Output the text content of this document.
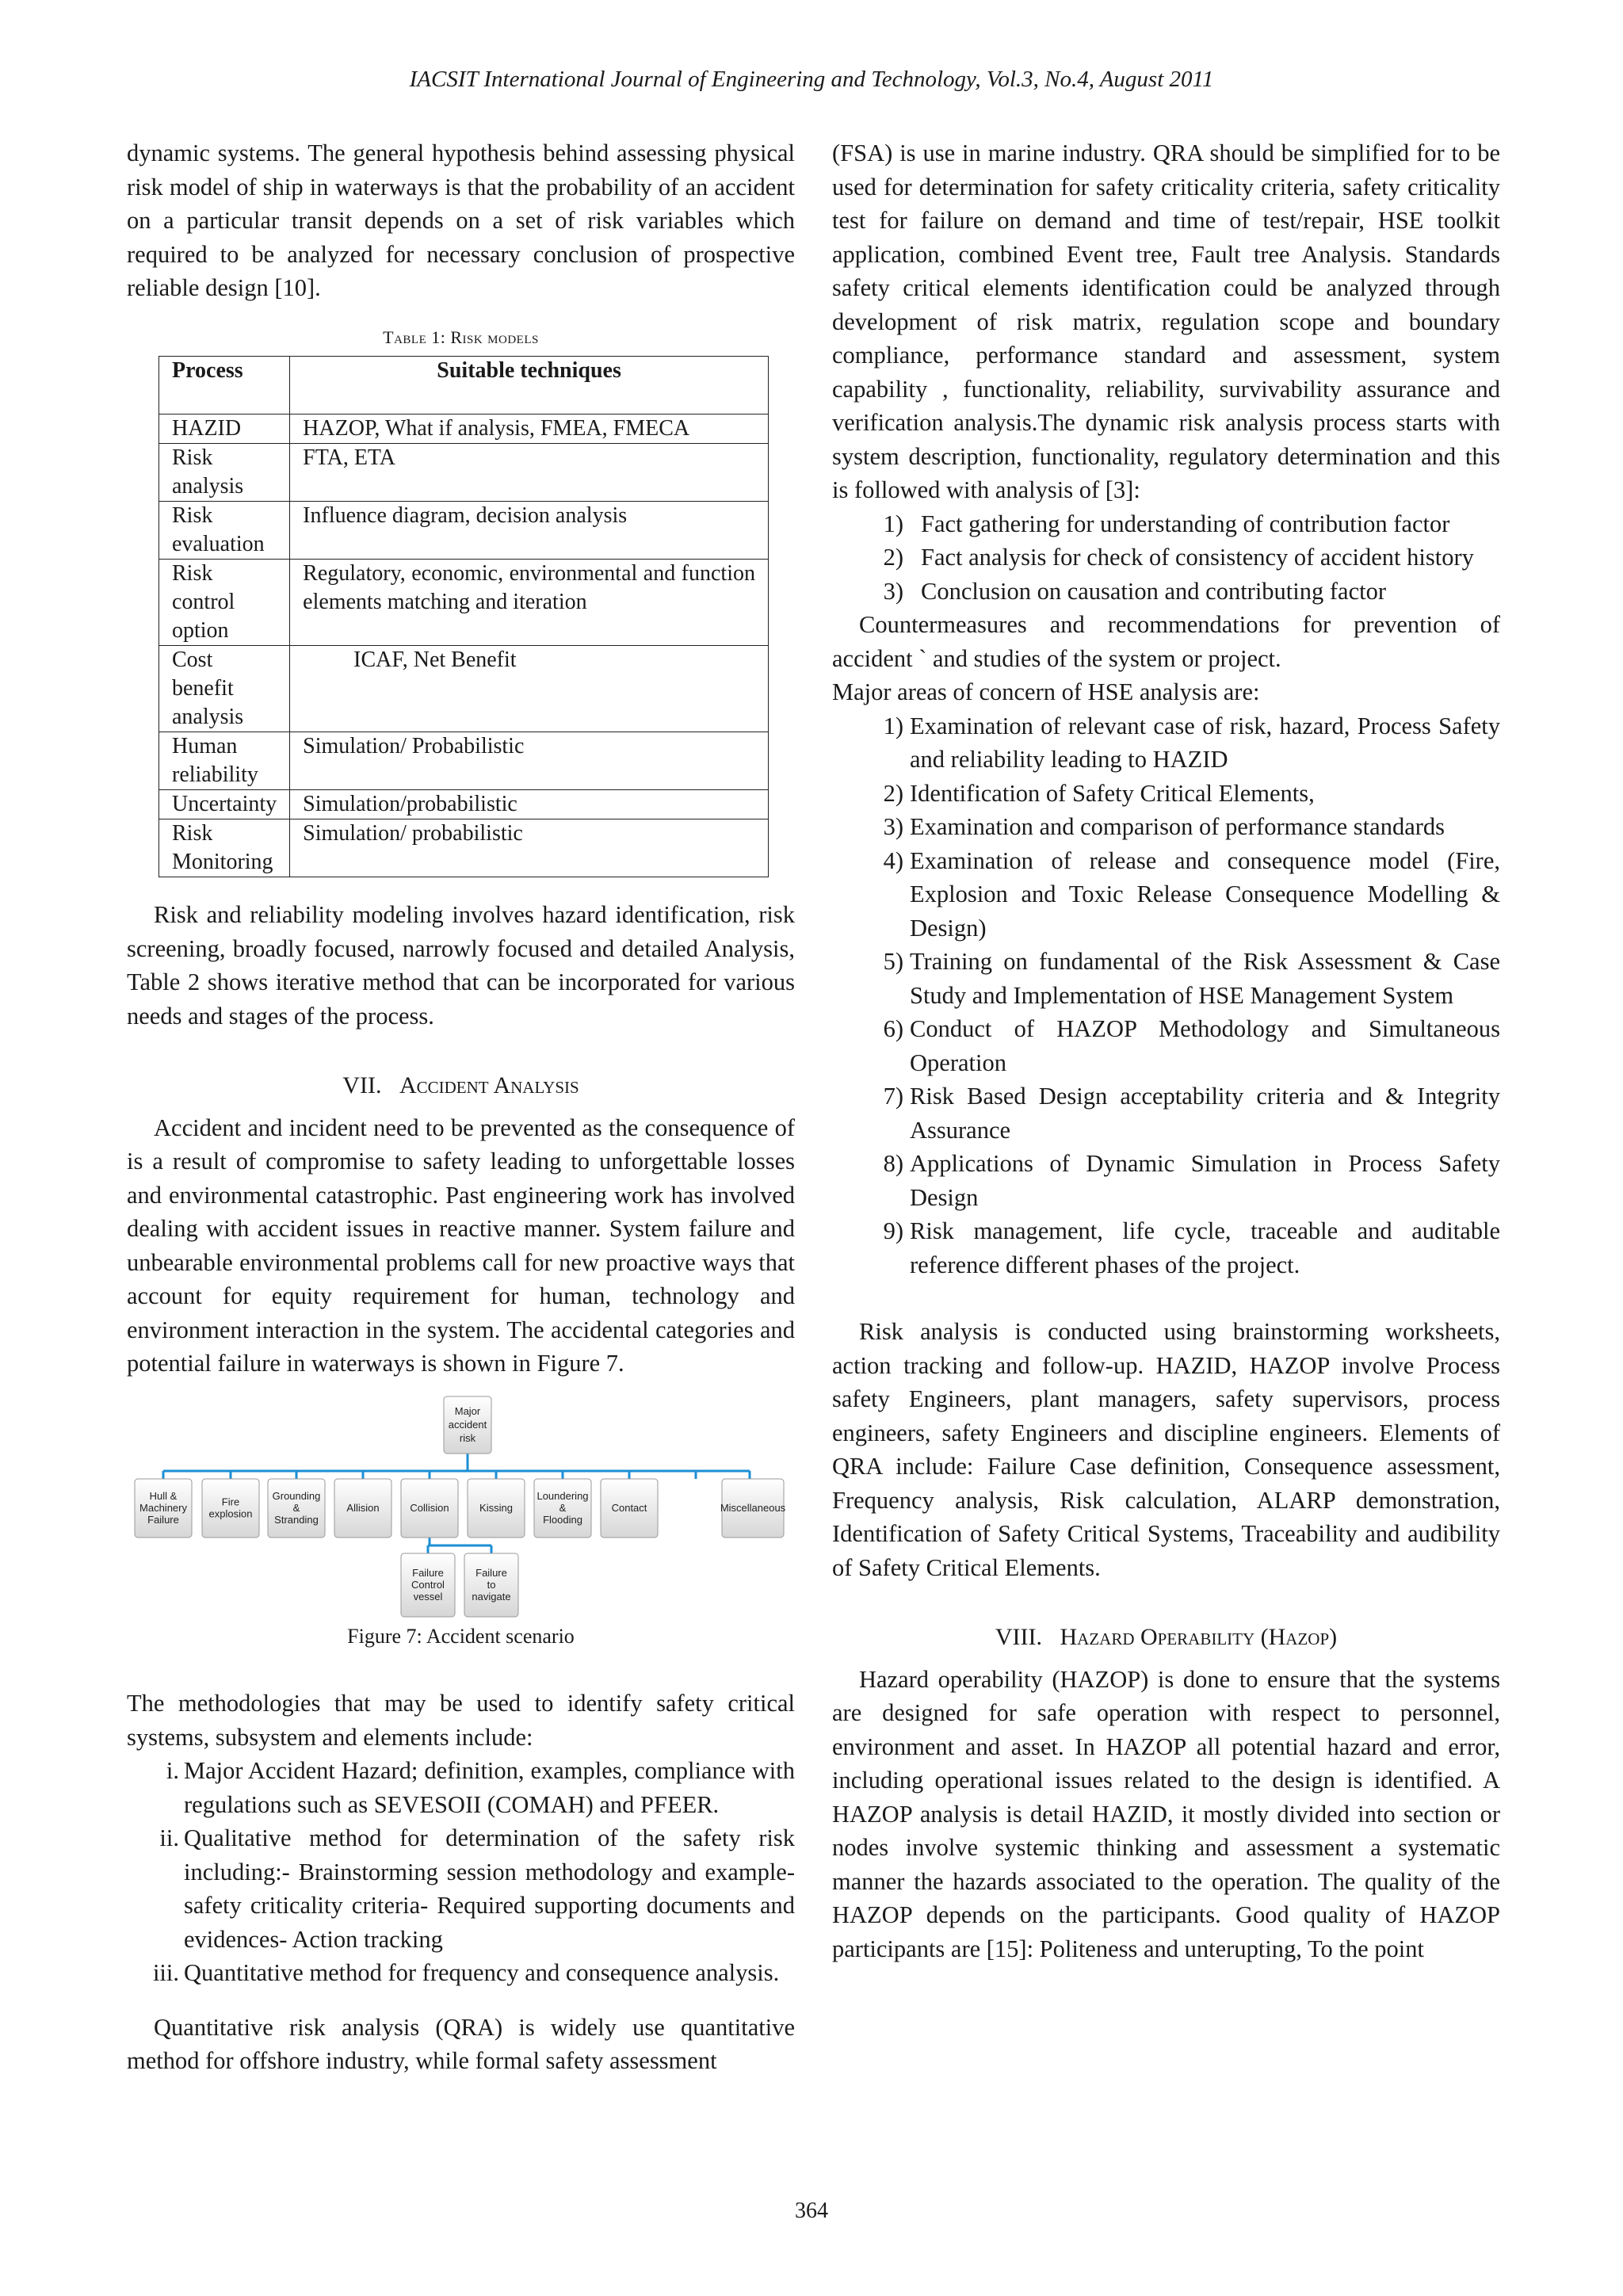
IACSIT International Journal of Engineering and Technology, Vol.3, No.4, August 2011

dynamic systems. The general hypothesis behind assessing physical risk model of ship in waterways is that the probability of an accident on a particular transit depends on a set of risk variables which required to be analyzed for necessary conclusion of prospective reliable design [10].

Table 1: Risk models
Process	Suitable techniques
HAZID	HAZOP, What if analysis, FMEA, FMECA
Risk analysis	FTA, ETA
Risk evaluation	Influence diagram, decision analysis
Risk control option	Regulatory, economic, environmental and function elements matching and iteration
Cost benefit analysis	ICAF, Net Benefit
Human reliability	Simulation/ Probabilistic
Uncertainty	Simulation/probabilistic
Risk Monitoring	Simulation/ probabilistic

Risk and reliability modeling involves hazard identification, risk screening, broadly focused, narrowly focused and detailed Analysis, Table 2 shows iterative method that can be incorporated for various needs and stages of the process.

VII. Accident Analysis

Accident and incident need to be prevented as the consequence of is a result of compromise to safety leading to unforgettable losses and environmental catastrophic. Past engineering work has involved dealing with accident issues in reactive manner. System failure and unbearable environmental problems call for new proactive ways that account for equity requirement for human, technology and environment interaction in the system. The accidental categories and potential failure in waterways is shown in Figure 7.

Major
accident
risk
Hull &
Machinery
Failure
Fire
explosion
Grounding
&
Stranding
Allision	Collision	Kissing
Loundering
&
Flooding
Contact	Miscellaneous
Failure
Control
vessel
Failure
to
navigate
Figure 7: Accident scenario

The methodologies that may be used to identify safety critical systems, subsystem and elements include:

i. Major Accident Hazard; definition, examples, compliance with regulations such as SEVESOII (COMAH) and PFEER.
ii. Qualitative method for determination of the safety risk including:- Brainstorming session methodology and example- safety criticality criteria- Required supporting documents and evidences- Action tracking
iii. Quantitative method for frequency and consequence analysis.

Quantitative risk analysis (QRA) is widely use quantitative method for offshore industry, while formal safety assessment

(FSA) is use in marine industry. QRA should be simplified for to be used for determination for safety criticality criteria, safety criticality test for failure on demand and time of test/repair, HSE toolkit application, combined Event tree, Fault tree Analysis. Standards safety critical elements identification could be analyzed through development of risk matrix, regulation scope and boundary compliance, performance standard and assessment, system capability , functionality, reliability, survivability assurance and verification analysis.The dynamic risk analysis process starts with system description, functionality, regulatory determination and this is followed with analysis of [3]:

1) Fact gathering for understanding of contribution factor
2) Fact analysis for check of consistency of accident history
3) Conclusion on causation and contributing factor

Countermeasures and recommendations for prevention of accident ` and studies of the system or project.

Major areas of concern of HSE analysis are:

1) Examination of relevant case of risk, hazard, Process Safety and reliability leading to HAZID
2) Identification of Safety Critical Elements,
3) Examination and comparison of performance standards
4) Examination of release and consequence model (Fire, Explosion and Toxic Release Consequence Modelling & Design)
5) Training on fundamental of the Risk Assessment & Case Study and Implementation of HSE Management System
6) Conduct of HAZOP Methodology and Simultaneous Operation
7) Risk Based Design acceptability criteria and & Integrity Assurance
8) Applications of Dynamic Simulation in Process Safety Design
9) Risk management, life cycle, traceable and auditable reference different phases of the project.

Risk analysis is conducted using brainstorming worksheets, action tracking and follow-up. HAZID, HAZOP involve Process safety Engineers, plant managers, safety supervisors, process engineers, safety Engineers and discipline engineers. Elements of QRA include: Failure Case definition, Consequence assessment, Frequency analysis, Risk calculation, ALARP demonstration, Identification of Safety Critical Systems, Traceability and audibility of Safety Critical Elements.

VIII. Hazard Operability (Hazop)

Hazard operability (HAZOP) is done to ensure that the systems are designed for safe operation with respect to personnel, environment and asset. In HAZOP all potential hazard and error, including operational issues related to the design is identified. A HAZOP analysis is detail HAZID, it mostly divided into section or nodes involve systemic thinking and assessment a systematic manner the hazards associated to the operation. The quality of the HAZOP depends on the participants. Good quality of HAZOP participants are [15]: Politeness and unterupting, To the point

364
